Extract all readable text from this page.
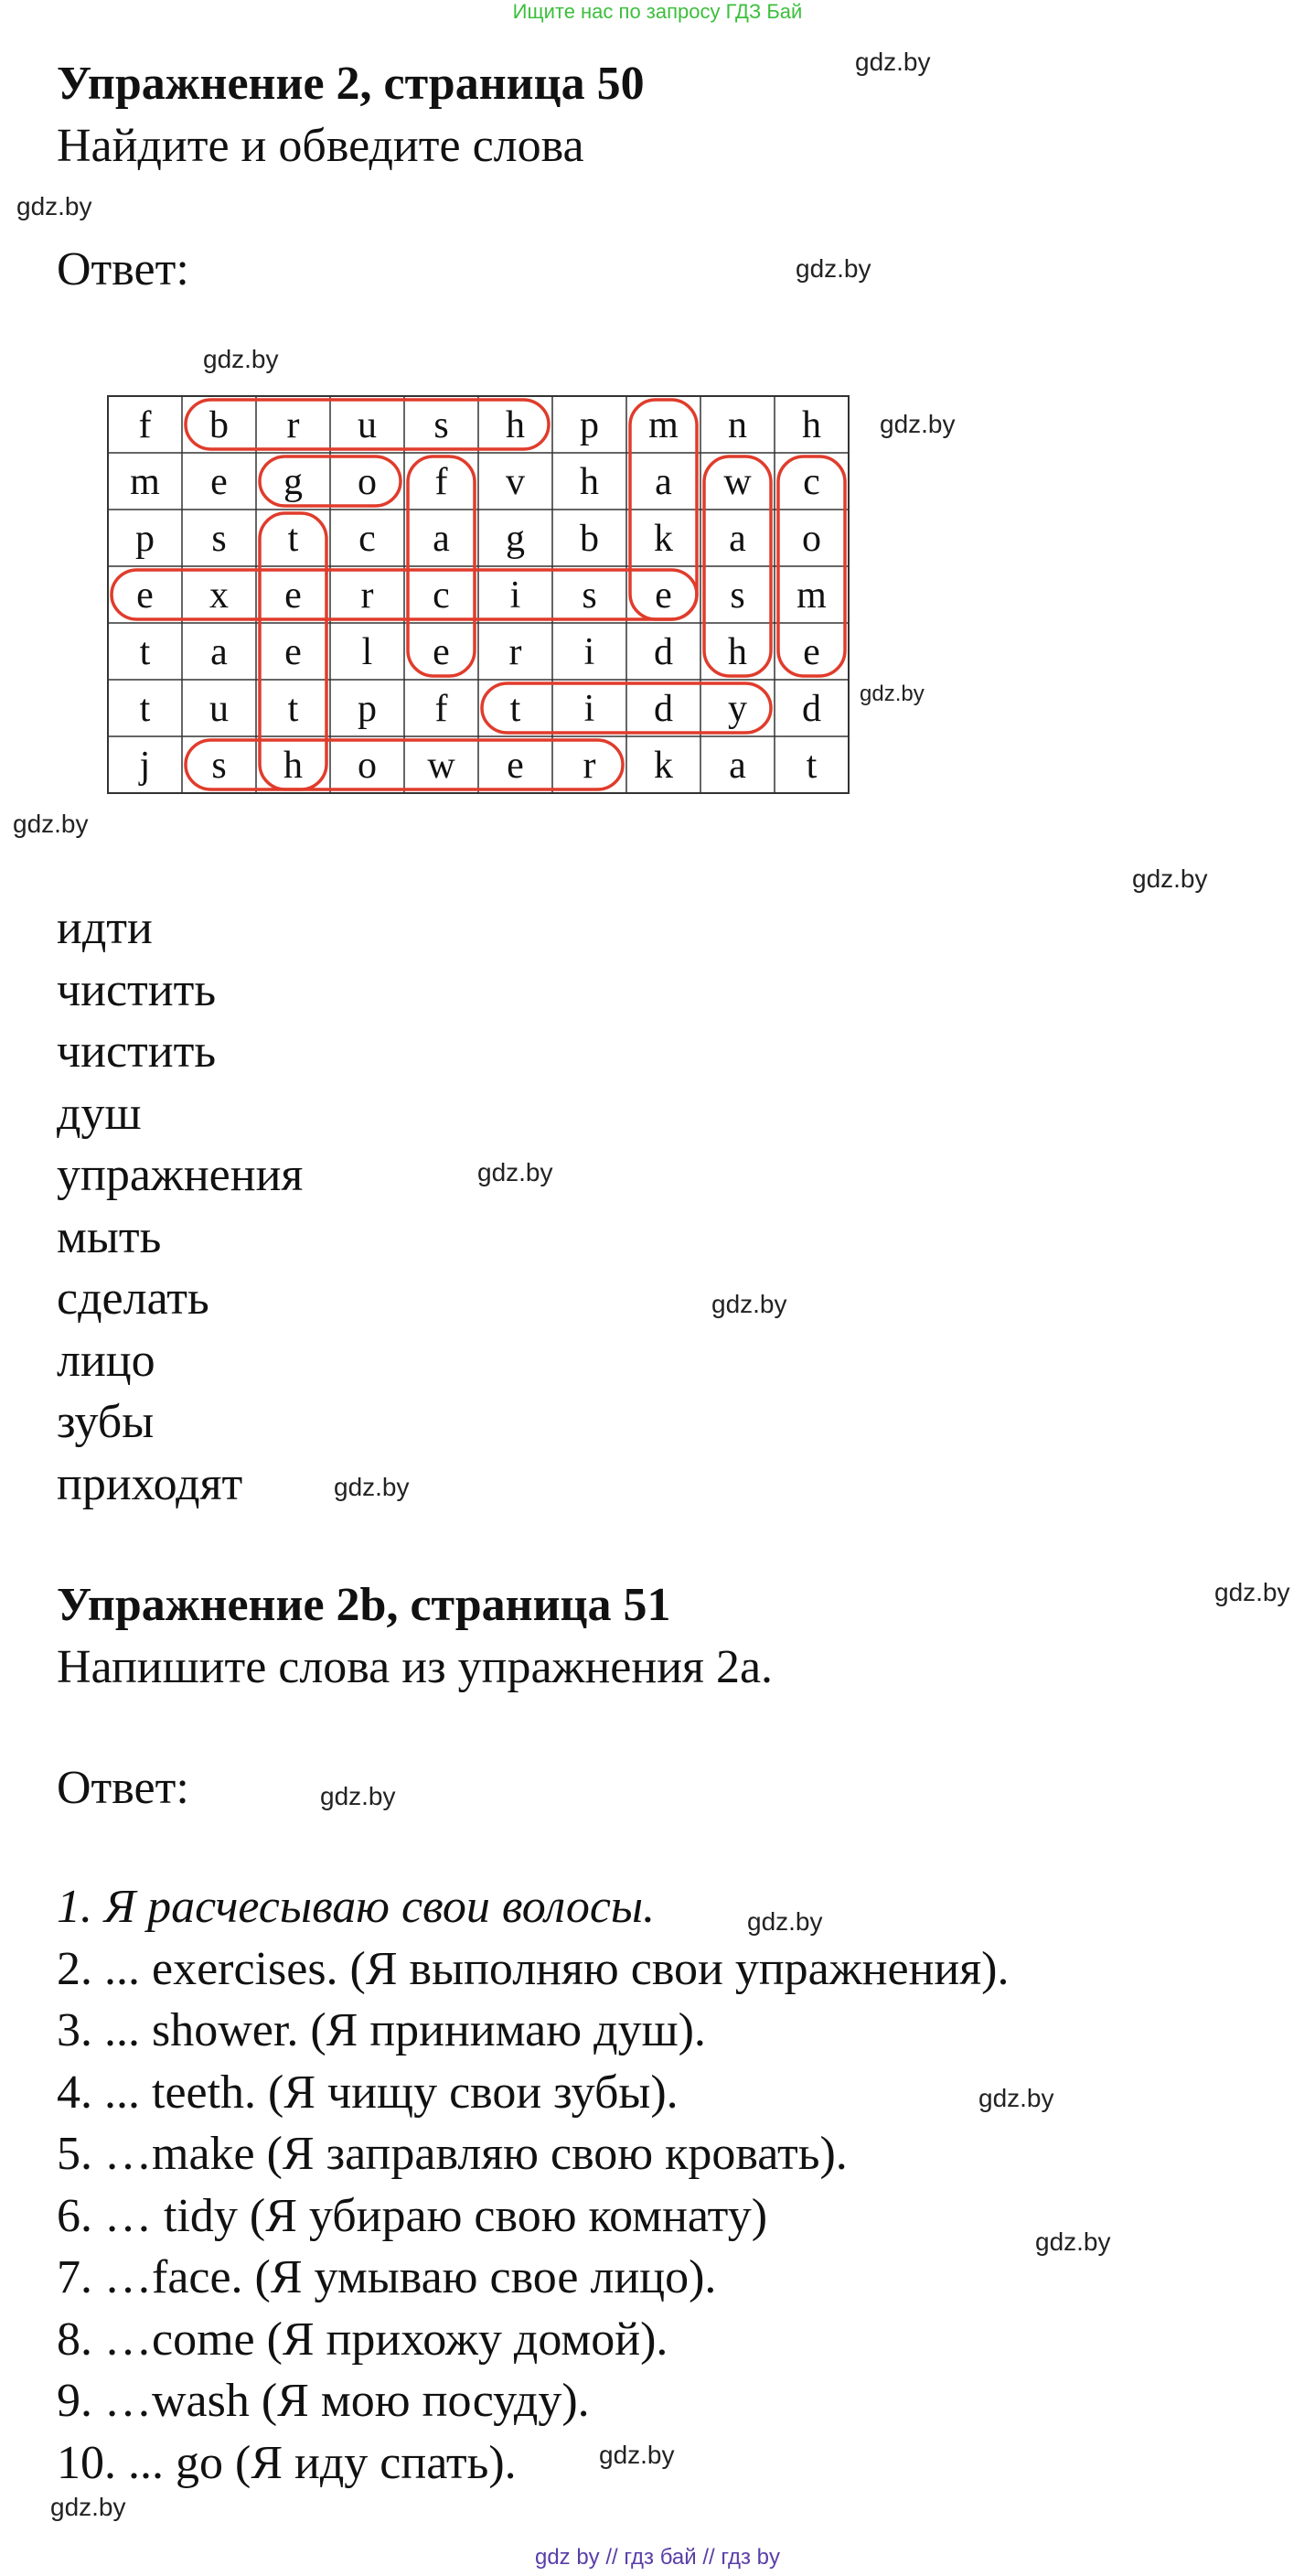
Ищите нас по запросу ГДЗ Бай
Упражнение 2, страница 50
Найдите и обведите слова
Ответ:
f b r u s h p m n h
m e g o f v h a w c
p s t c a g b k a o
e x e r c i s e s m
t a e l e r i d h e
t u t p f t i d y d
j s h o w e r k a t
идти
чистить
чистить
душ
упражнения
мыть
сделать
лицо
зубы
приходят
Упражнение 2b, страница 51
Напишите слова из упражнения 2а.
Ответ:
1. Я расчесываю свои волосы.
2. ... exercises. (Я выполняю свои упражнения).
3. ... shower. (Я принимаю душ).
4. ... teeth. (Я чищу свои зубы).
5. …make (Я заправляю свою кровать).
6. … tidy (Я убираю свою комнату)
7. …face. (Я умываю свое лицо).
8. …come (Я прихожу домой).
9. …wash (Я мою посуду).
10. ... go (Я иду спать).
gdz.by
gdz.by
gdz.by
gdz.by
gdz.by
gdz.by
gdz.by
gdz.by
gdz.by
gdz.by
gdz.by
gdz.by
gdz.by
gdz.by
gdz.by
gdz.by
gdz.by
gdz.by
gdz by // гдз бай // гдз by
